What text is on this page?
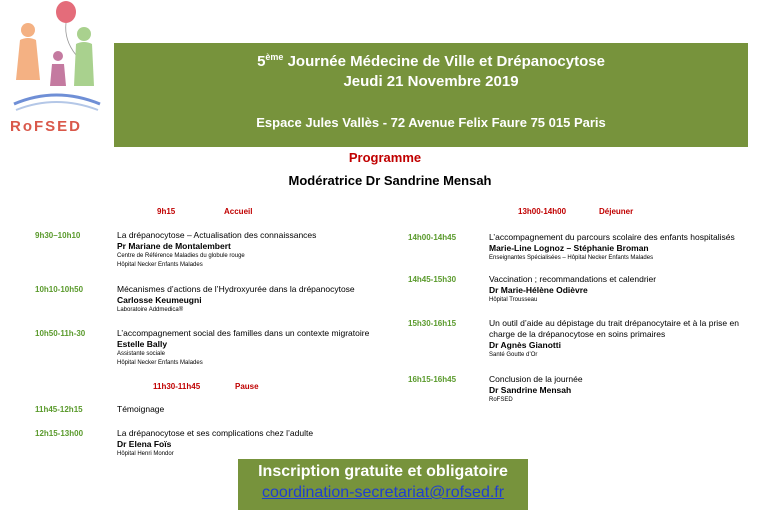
RoFSED
5ème Journée Médecine de Ville et Drépanocytose
Jeudi 21 Novembre 2019
Espace Jules Vallès - 72 Avenue Felix Faure 75 015 Paris
Programme
Modératrice Dr Sandrine Mensah
9h15	Accueil
9h30–10h10	La drépanocytose – Actualisation des connaissances
Pr Mariane de Montalembert
Centre de Référence Maladies du globule rouge
Hôpital Necker Enfants Malades
10h10-10h50	Mécanismes d’actions de l’Hydroxyurée dans la drépanocytose
Carlosse Keumeugni
Laboratoire Addmedica®
10h50-11h-30	L’accompagnement social des familles dans un contexte migratoire
Estelle Bally
Assistante sociale
Hôpital Necker Enfants Malades
11h30-11h45	Pause
11h45-12h15	Témoignage
12h15-13h00	La drépanocytose et ses complications chez l’adulte
Dr Elena Foïs
Hôpital Henri Mondor
13h00-14h00	Déjeuner
14h00-14h45	L’accompagnement du parcours scolaire des enfants hospitalisés
Marie-Line Lognoz – Stéphanie Broman
Enseignantes Spécialisées – Hôpital Necker Enfants Malades
14h45-15h30	Vaccination ; recommandations et calendrier
Dr Marie-Hélène Odièvre
Hôpital Trousseau
15h30-16h15	Un outil d’aide au dépistage du trait drépanocytaire et à la prise en
charge de la drépanocytose en soins primaires
Dr Agnès Gianotti
Santé Goutte d’Or
16h15-16h45	Conclusion de la journée
Dr Sandrine Mensah
RoFSED
Inscription gratuite et obligatoire
coordination-secretariat@rofsed.fr
